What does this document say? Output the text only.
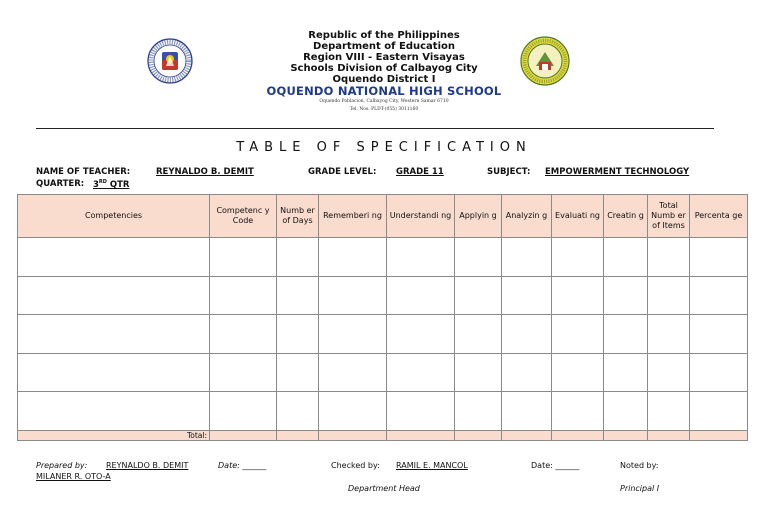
Republic of the Philippines
Department of Education
Region VIII - Eastern Visayas
Schools Division of Calbayog City
Oquendo District I
OQUENDO NATIONAL HIGH SCHOOL
Oquendo Poblacion, Calbayog City, Western Samar 6710
Tel. Nos. PLDT-(055) 3011160
TABLE OF SPECIFICATION
NAME OF TEACHER:	REYNALDO B. DEMIT	GRADE LEVEL: GRADE 11	SUBJECT: EMPOWERMENT TECHNOLOGY
QUARTER: 3RD QTR
Competencies	Competenc y Code	Numb er of Days	Rememberi ng	Understandi ng	Applyin g	Analyzin g	Evaluati ng	Creatin g	Total Numb er of Items	Percenta ge

Total:										
Prepared by: REYNALDO B. DEMIT
MILANER R. OTO-A
Date: ______	Checked by: RAMIL E. MANCOL
Department Head
Date: ______	Noted by:
Principal I
